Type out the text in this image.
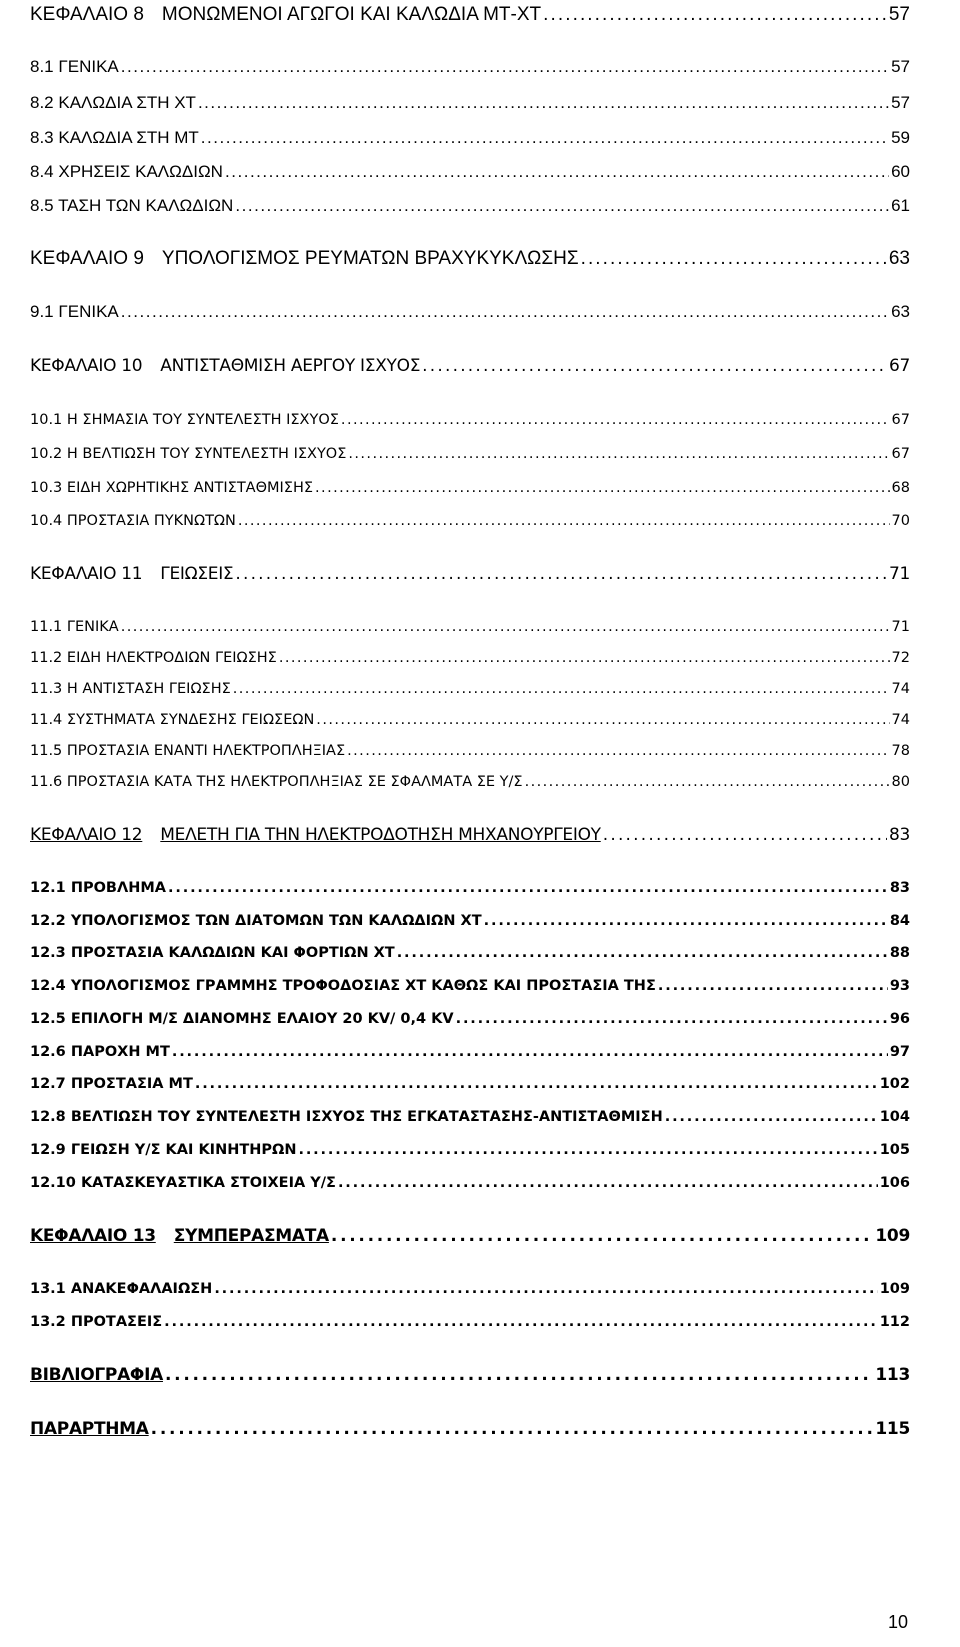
ΚΕΦΑΛΑΙΟ 8 ΜΟΝΩΜΕΝΟΙ ΑΓΩΓΟΙ ΚΑΙ ΚΑΛΩΔΙΑ ΜΤ-ΧΤ . . .	57
8.1 ΓΕΝΙΚΑ . . .	57
8.2 ΚΑΛΩΔΙΑ ΣΤΗ ΧΤ . . .	57
8.3 ΚΑΛΩΔΙΑ ΣΤΗ ΜΤ . . .	59
8.4 ΧΡΗΣΕΙΣ ΚΑΛΩΔΙΩΝ . . .	60
8.5 ΤΑΣΗ ΤΩΝ ΚΑΛΩΔΙΩΝ . . .	61
ΚΕΦΑΛΑΙΟ 9 ΥΠΟΛΟΓΙΣΜΟΣ ΡΕΥΜΑΤΩΝ ΒΡΑΧΥΚΥΚΛΩΣΗΣ . . .	63
9.1 ΓΕΝΙΚΑ . . .	63
ΚΕΦΑΛΑΙΟ 10 ΑΝΤΙΣΤΑΘΜΙΣΗ ΑΕΡΓΟΥ ΙΣΧΥΟΣ . . .	67
10.1 Η ΣΗΜΑΣΙΑ ΤΟΥ ΣΥΝΤΕΛΕΣΤΗ ΙΣΧΥΟΣ . . .	67
10.2 Η ΒΕΛΤΙΩΣΗ ΤΟΥ ΣΥΝΤΕΛΕΣΤΗ ΙΣΧΥΟΣ . . .	67
10.3 ΕΙΔΗ ΧΩΡΗΤΙΚΗΣ ΑΝΤΙΣΤΑΘΜΙΣΗΣ . . .	68
10.4 ΠΡΟΣΤΑΣΙΑ ΠΥΚΝΩΤΩΝ . . .	70
ΚΕΦΑΛΑΙΟ 11 ΓΕΙΩΣΕΙΣ . . .	71
11.1 ΓΕΝΙΚΑ . . .	71
11.2 ΕΙΔΗ ΗΛΕΚΤΡΟΔΙΩΝ ΓΕΙΩΣΗΣ . . .	72
11.3 Η ΑΝΤΙΣΤΑΣΗ ΓΕΙΩΣΗΣ . . .	74
11.4 ΣΥΣΤΗΜΑΤΑ ΣΥΝΔΕΣΗΣ ΓΕΙΩΣΕΩΝ . . .	74
11.5 ΠΡΟΣΤΑΣΙΑ ΕΝΑΝΤΙ ΗΛΕΚΤΡΟΠΛΗΞΙΑΣ . . .	78
11.6 ΠΡΟΣΤΑΣΙΑ ΚΑΤΑ ΤΗΣ ΗΛΕΚΤΡΟΠΛΗΞΙΑΣ ΣΕ ΣΦΑΛΜΑΤΑ ΣΕ Υ/Σ . . .	80
ΚΕΦΑΛΑΙΟ 12 ΜΕΛΕΤΗ ΓΙΑ ΤΗΝ ΗΛΕΚΤΡΟΔΟΤΗΣΗ ΜΗΧΑΝΟΥΡΓΕΙΟΥ . . .	83
12.1 ΠΡΟΒΛΗΜΑ . . .	83
12.2 ΥΠΟΛΟΓΙΣΜΟΣ ΤΩΝ ΔΙΑΤΟΜΩΝ ΤΩΝ ΚΑΛΩΔΙΩΝ ΧΤ . . .	84
12.3 ΠΡΟΣΤΑΣΙΑ ΚΑΛΩΔΙΩΝ ΚΑΙ ΦΟΡΤΙΩΝ ΧΤ . . .	88
12.4 ΥΠΟΛΟΓΙΣΜΟΣ ΓΡΑΜΜΗΣ ΤΡΟΦΟΔΟΣΙΑΣ ΧΤ ΚΑΘΩΣ ΚΑΙ ΠΡΟΣΤΑΣΙΑ ΤΗΣ . . .	93
12.5 ΕΠΙΛΟΓΗ Μ/Σ ΔΙΑΝΟΜΗΣ ΕΛΑΙΟΥ 20 KV/ 0,4 KV . . .	96
12.6 ΠΑΡΟΧΗ ΜΤ . . .	97
12.7 ΠΡΟΣΤΑΣΙΑ ΜΤ . . .	102
12.8 ΒΕΛΤΙΩΣΗ ΤΟΥ ΣΥΝΤΕΛΕΣΤΗ ΙΣΧΥΟΣ ΤΗΣ ΕΓΚΑΤΑΣΤΑΣΗΣ-ΑΝΤΙΣΤΑΘΜΙΣΗ . . .	104
12.9 ΓΕΙΩΣΗ Υ/Σ ΚΑΙ ΚΙΝΗΤΗΡΩΝ . . .	105
12.10 ΚΑΤΑΣΚΕΥΑΣΤΙΚΑ ΣΤΟΙΧΕΙΑ Υ/Σ . . .	106
ΚΕΦΑΛΑΙΟ 13 ΣΥΜΠΕΡΑΣΜΑΤΑ . . .	109
13.1 ΑΝΑΚΕΦΑΛΑΙΩΣΗ . . .	109
13.2 ΠΡΟΤΑΣΕΙΣ . . .	112
ΒΙΒΛΙΟΓΡΑΦΙΑ . . .	113
ΠΑΡΑΡΤΗΜΑ . . .	115
10
